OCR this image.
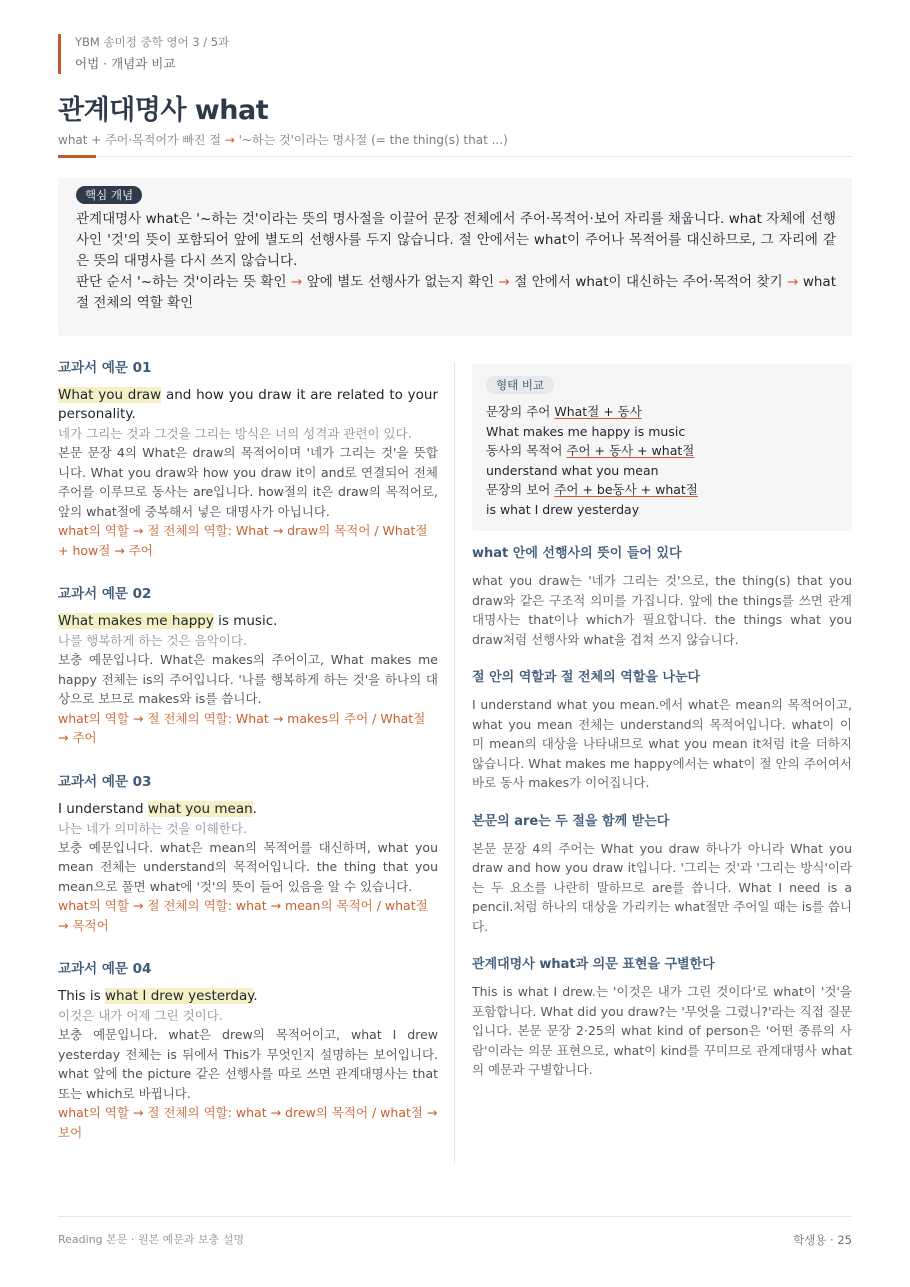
YBM 송미정 중학 영어 3 / 5과
어법 · 개념과 비교
관계대명사 what
what + 주어·목적어가 빠진 절 → '~하는 것'이라는 명사절 (= the thing(s) that ...)
핵심 개념
관계대명사 what은 '~하는 것'이라는 뜻의 명사절을 이끌어 문장 전체에서 주어·목적어·보어 자리를 채웁니다. what 자체에 선행사인 '것'의 뜻이 포함되어 앞에 별도의 선행사를 두지 않습니다. 절 안에서는 what이 주어나 목적어를 대신하므로, 그 자리에 같은 뜻의 대명사를 다시 쓰지 않습니다.
판단 순서 '~하는 것'이라는 뜻 확인 → 앞에 별도 선행사가 없는지 확인 → 절 안에서 what이 대신하는 주어·목적어 찾기 → what절 전체의 역할 확인
교과서 예문 01
What you draw and how you draw it are related to your personality.
네가 그리는 것과 그것을 그리는 방식은 너의 성격과 관련이 있다.
본문 문장 4의 What은 draw의 목적어이며 '네가 그리는 것'을 뜻합니다. What you draw와 how you draw it이 and로 연결되어 전체 주어를 이루므로 동사는 are입니다. how절의 it은 draw의 목적어로, 앞의 what절에 중복해서 넣은 대명사가 아닙니다.
what의 역할 → 절 전체의 역할: What → draw의 목적어 / What절 + how절 → 주어
교과서 예문 02
What makes me happy is music.
나를 행복하게 하는 것은 음악이다.
보충 예문입니다. What은 makes의 주어이고, What makes me happy 전체는 is의 주어입니다. '나를 행복하게 하는 것'을 하나의 대상으로 보므로 makes와 is를 씁니다.
what의 역할 → 절 전체의 역할: What → makes의 주어 / What절 → 주어
교과서 예문 03
I understand what you mean.
나는 네가 의미하는 것을 이해한다.
보충 예문입니다. what은 mean의 목적어를 대신하며, what you mean 전체는 understand의 목적어입니다. the thing that you mean으로 풀면 what에 '것'의 뜻이 들어 있음을 알 수 있습니다.
what의 역할 → 절 전체의 역할: what → mean의 목적어 / what절 → 목적어
교과서 예문 04
This is what I drew yesterday.
이것은 내가 어제 그린 것이다.
보충 예문입니다. what은 drew의 목적어이고, what I drew yesterday 전체는 is 뒤에서 This가 무엇인지 설명하는 보어입니다. what 앞에 the picture 같은 선행사를 따로 쓰면 관계대명사는 that 또는 which로 바뀝니다.
what의 역할 → 절 전체의 역할: what → drew의 목적어 / what절 → 보어
형태 비교
문장의 주어 What절 + 동사
What makes me happy is music
동사의 목적어 주어 + 동사 + what절
understand what you mean
문장의 보어 주어 + be동사 + what절
is what I drew yesterday
what 안에 선행사의 뜻이 들어 있다

what you draw는 '네가 그리는 것'으로, the thing(s) that you draw와 같은 구조적 의미를 가집니다. 앞에 the things를 쓰면 관계대명사는 that이나 which가 필요합니다. the things what you draw처럼 선행사와 what을 겹쳐 쓰지 않습니다.

절 안의 역할과 절 전체의 역할을 나눈다

I understand what you mean.에서 what은 mean의 목적어이고, what you mean 전체는 understand의 목적어입니다. what이 이미 mean의 대상을 나타내므로 what you mean it처럼 it을 더하지 않습니다. What makes me happy에서는 what이 절 안의 주어여서 바로 동사 makes가 이어집니다.

본문의 are는 두 절을 함께 받는다

본문 문장 4의 주어는 What you draw 하나가 아니라 What you draw and how you draw it입니다. '그리는 것'과 '그리는 방식'이라는 두 요소를 나란히 말하므로 are를 씁니다. What I need is a pencil.처럼 하나의 대상을 가리키는 what절만 주어일 때는 is를 씁니다.

관계대명사 what과 의문 표현을 구별한다

This is what I drew.는 '이것은 내가 그린 것이다'로 what이 '것'을 포함합니다. What did you draw?는 '무엇을 그렸니?'라는 직접 질문입니다. 본문 문장 2·25의 what kind of person은 '어떤 종류의 사람'이라는 의문 표현으로, what이 kind를 꾸미므로 관계대명사 what의 예문과 구별합니다.

Reading 본문 · 원본 예문과 보충 설명	학생용 · 25
